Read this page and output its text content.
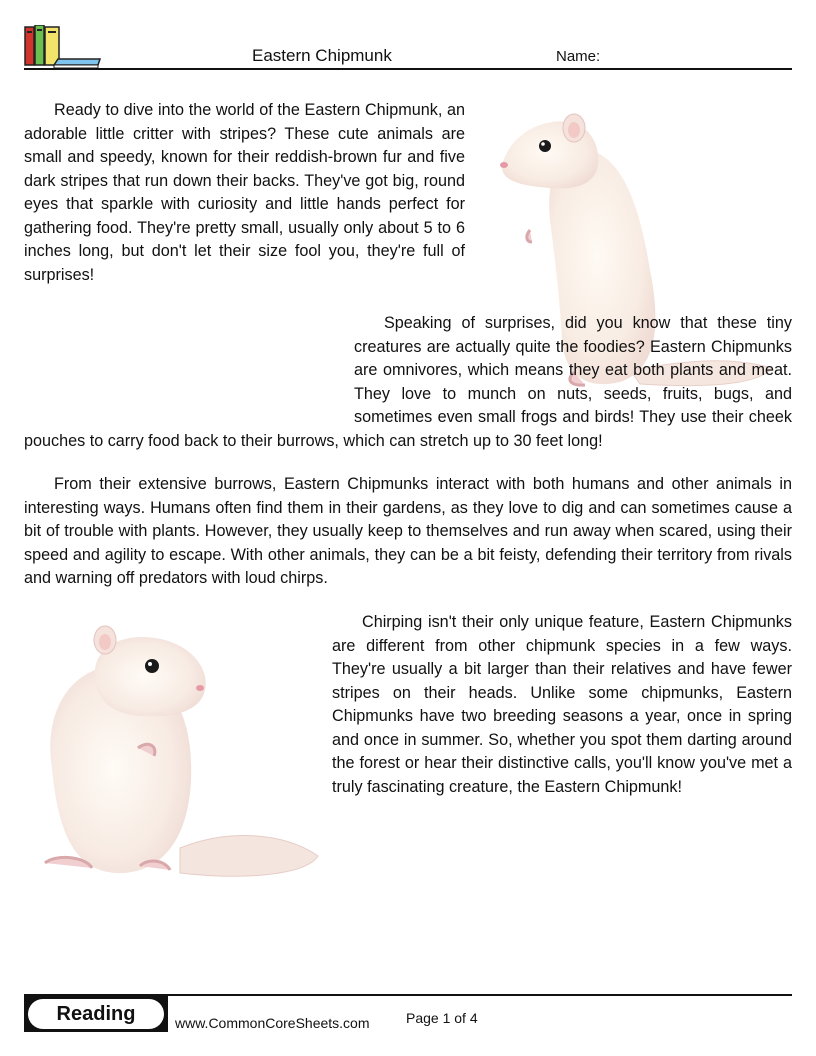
Eastern Chipmunk	Name:

Ready to dive into the world of the Eastern Chipmunk, an adorable little critter with stripes? These cute animals are small and speedy, known for their reddish-brown fur and five dark stripes that run down their backs. They've got big, round eyes that sparkle with curiosity and little hands perfect for gathering food. They're pretty small, usually only about 5 to 6 inches long, but don't let their size fool you, they're full of surprises!

Speaking of surprises, did you know that these tiny creatures are actually quite the foodies? Eastern Chipmunks are omnivores, which means they eat both plants and meat. They love to munch on nuts, seeds, fruits, bugs, and sometimes even small frogs and birds! They use their cheek pouches to carry food back to their burrows, which can stretch up to 30 feet long!

From their extensive burrows, Eastern Chipmunks interact with both humans and other animals in interesting ways. Humans often find them in their gardens, as they love to dig and can sometimes cause a bit of trouble with plants. However, they usually keep to themselves and run away when scared, using their speed and agility to escape. With other animals, they can be a bit feisty, defending their territory from rivals and warning off predators with loud chirps.

Chirping isn't their only unique feature, Eastern Chipmunks are different from other chipmunk species in a few ways. They're usually a bit larger than their relatives and have fewer stripes on their heads. Unlike some chipmunks, Eastern Chipmunks have two breeding seasons a year, once in spring and once in summer. So, whether you spot them darting around the forest or hear their distinctive calls, you'll know you've met a truly fascinating creature, the Eastern Chipmunk!

Reading	www.CommonCoreSheets.com	Page 1 of 4
